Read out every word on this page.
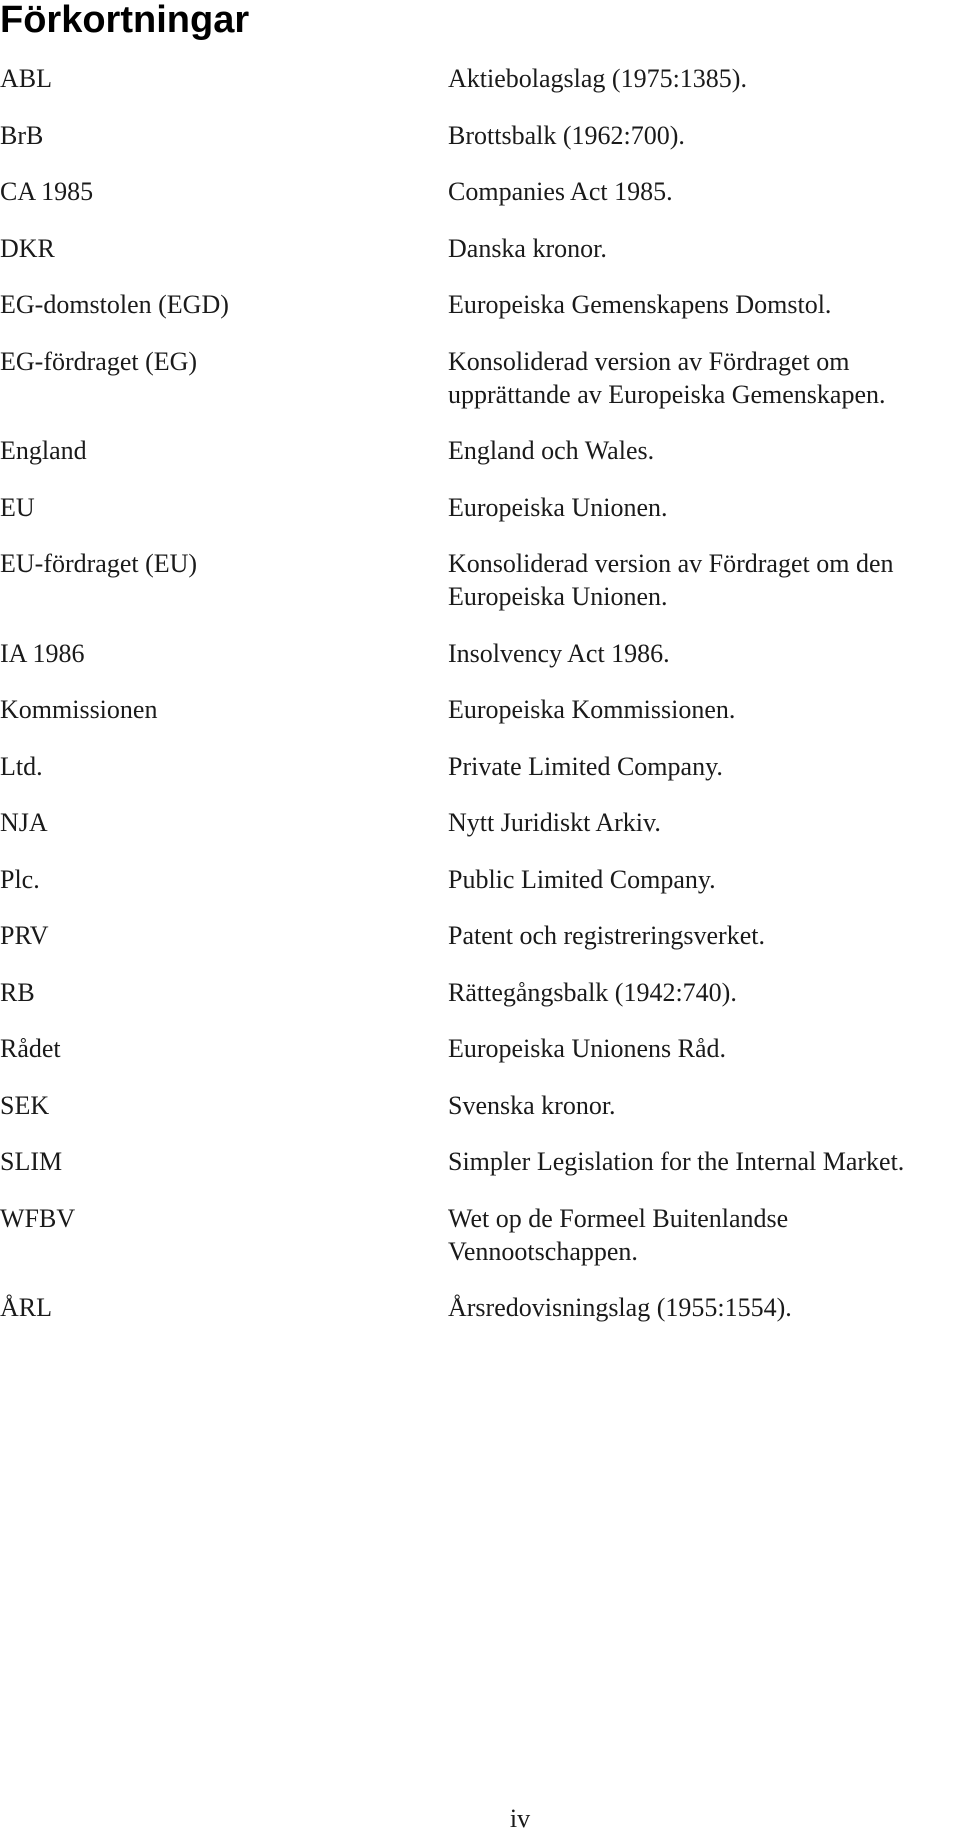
Förkortningar
ABL	Aktiebolagslag (1975:1385).
BrB	Brottsbalk (1962:700).
CA 1985	Companies Act 1985.
DKR	Danska kronor.
EG-domstolen (EGD)	Europeiska Gemenskapens Domstol.
EG-fördraget (EG)	Konsoliderad version av Fördraget om
upprättande av Europeiska Gemenskapen.
England	England och Wales.
EU	Europeiska Unionen.
EU-fördraget (EU)	Konsoliderad version av Fördraget om den
Europeiska Unionen.
IA 1986	Insolvency Act 1986.
Kommissionen	Europeiska Kommissionen.
Ltd.	Private Limited Company.
NJA	Nytt Juridiskt Arkiv.
Plc.	Public Limited Company.
PRV	Patent och registreringsverket.
RB	Rättegångsbalk (1942:740).
Rådet	Europeiska Unionens Råd.
SEK	Svenska kronor.
SLIM	Simpler Legislation for the Internal Market.
WFBV	Wet op de Formeel Buitenlandse
Vennootschappen.
ÅRL	Årsredovisningslag (1955:1554).
iv
